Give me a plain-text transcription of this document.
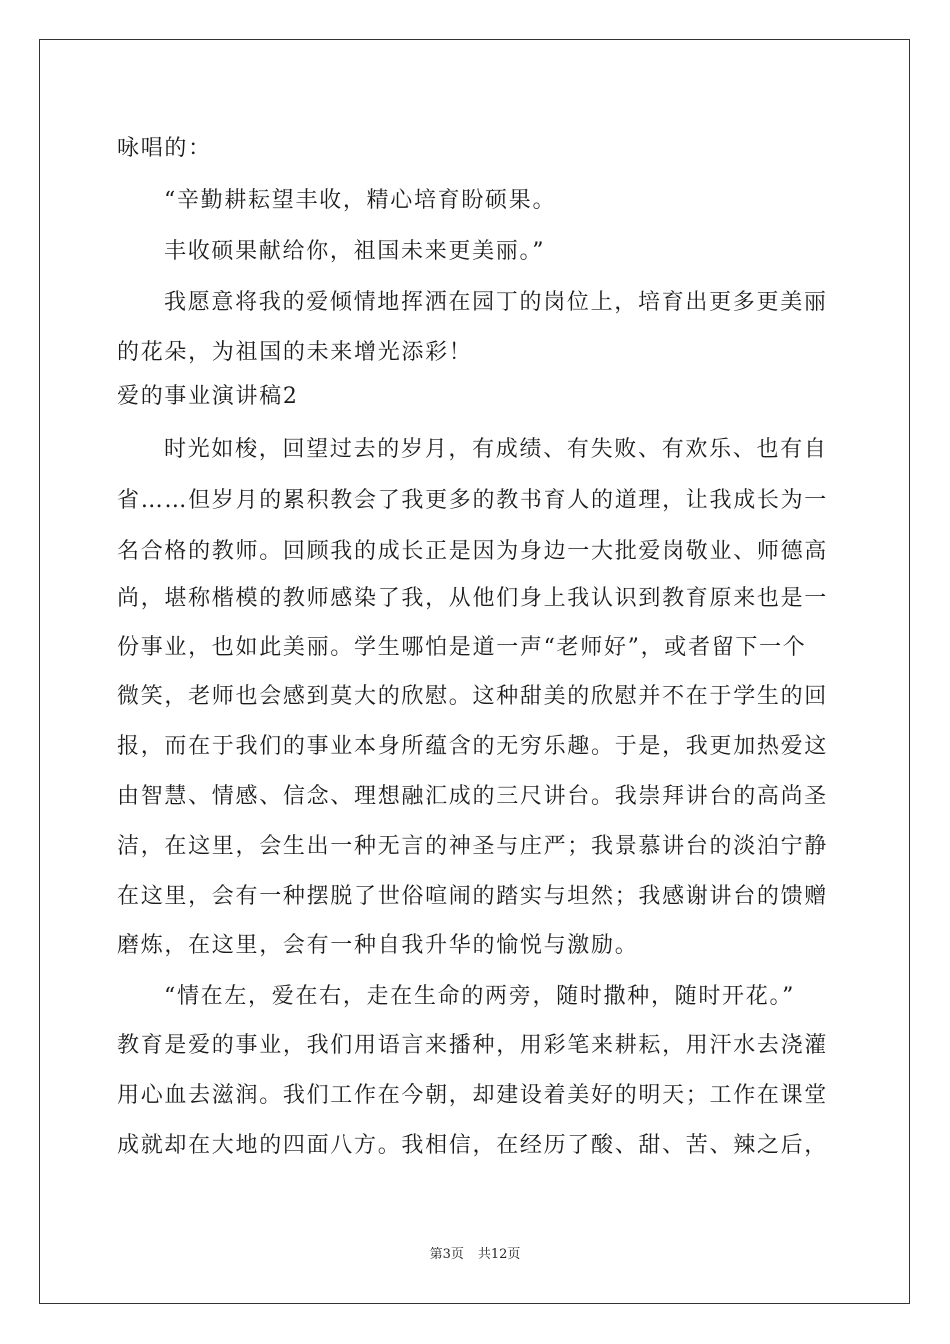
咏唱的：
“辛勤耕耘望丰收，精心培育盼硕果。
丰收硕果献给你，祖国未来更美丽。”
我愿意将我的爱倾情地挥洒在园丁的岗位上，培育出更多更美丽
的花朵，为祖国的未来增光添彩！
爱的事业演讲稿2
时光如梭，回望过去的岁月，有成绩、有失败、有欢乐、也有自
省……但岁月的累积教会了我更多的教书育人的道理，让我成长为一
名合格的教师。回顾我的成长正是因为身边一大批爱岗敬业、师德高
尚，堪称楷模的教师感染了我，从他们身上我认识到教育原来也是一
份事业，也如此美丽。学生哪怕是道一声“老师好”，或者留下一个
微笑，老师也会感到莫大的欣慰。这种甜美的欣慰并不在于学生的回
报，而在于我们的事业本身所蕴含的无穷乐趣。于是，我更加热爱这
由智慧、情感、信念、理想融汇成的三尺讲台。我崇拜讲台的高尚圣
洁，在这里，会生出一种无言的神圣与庄严；我景慕讲台的淡泊宁静
在这里，会有一种摆脱了世俗喧闹的踏实与坦然；我感谢讲台的馈赠
磨炼，在这里，会有一种自我升华的愉悦与激励。
“情在左，爱在右，走在生命的两旁，随时撒种，随时开花。”
教育是爱的事业，我们用语言来播种，用彩笔来耕耘，用汗水去浇灌
用心血去滋润。我们工作在今朝，却建设着美好的明天；工作在课堂
成就却在大地的四面八方。我相信，在经历了酸、甜、苦、辣之后，
第3页 共12页
